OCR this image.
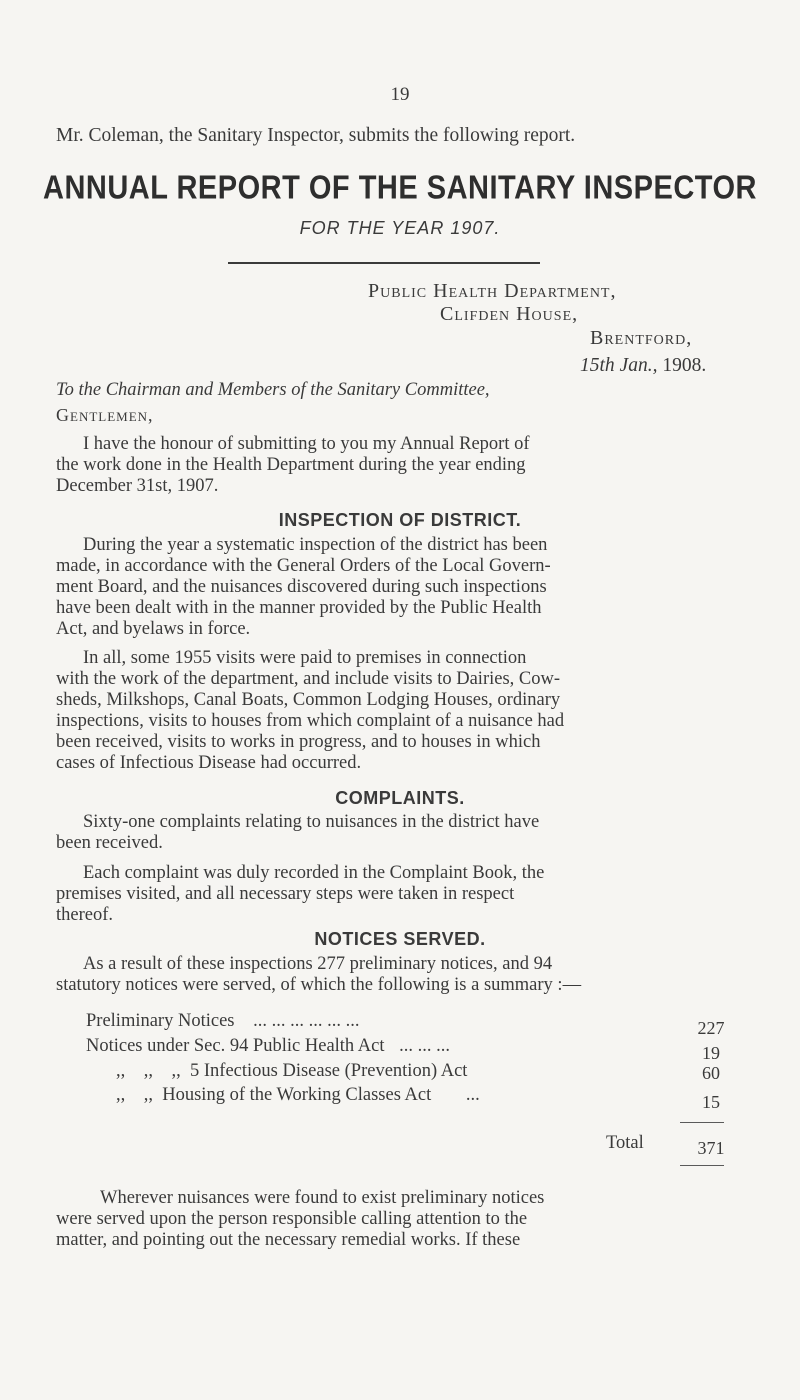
19
Mr. Coleman, the Sanitary Inspector, submits the following report.
ANNUAL REPORT OF THE SANITARY INSPECTOR
FOR THE YEAR 1907.
Public Health Department,
Clifden House,
Brentford,
15th Jan., 1908.
To the Chairman and Members of the Sanitary Committee,
Gentlemen,

I have the honour of submitting to you my Annual Report of
the work done in the Health Department during the year ending
December 31st, 1907.

INSPECTION OF DISTRICT.

During the year a systematic inspection of the district has been
made, in accordance with the General Orders of the Local Govern-
ment Board, and the nuisances discovered during such inspections
have been dealt with in the manner provided by the Public Health
Act, and byelaws in force.

In all, some 1955 visits were paid to premises in connection
with the work of the department, and include visits to Dairies, Cow-
sheds, Milkshops, Canal Boats, Common Lodging Houses, ordinary
inspections, visits to houses from which complaint of a nuisance had
been received, visits to works in progress, and to houses in which
cases of Infectious Disease had occurred.

COMPLAINTS.

Sixty-one complaints relating to nuisances in the district have
been received.

Each complaint was duly recorded in the Complaint Book, the
premises visited, and all necessary steps were taken in respect
thereof.

NOTICES SERVED.

As a result of these inspections 277 preliminary notices, and 94
statutory notices were served, of which the following is a summary :—

Preliminary Notices ... ... ... ... ... ...	227
Notices under Sec. 94 Public Health Act ... ... ...	19
,,    ,,    ,,  5 Infectious Disease (Prevention) Act	60
,,    ,,  Housing of the Working Classes Act ...	15
Total	371

Wherever nuisances were found to exist preliminary notices
were served upon the person responsible calling attention to the
matter, and pointing out the necessary remedial works. If these
